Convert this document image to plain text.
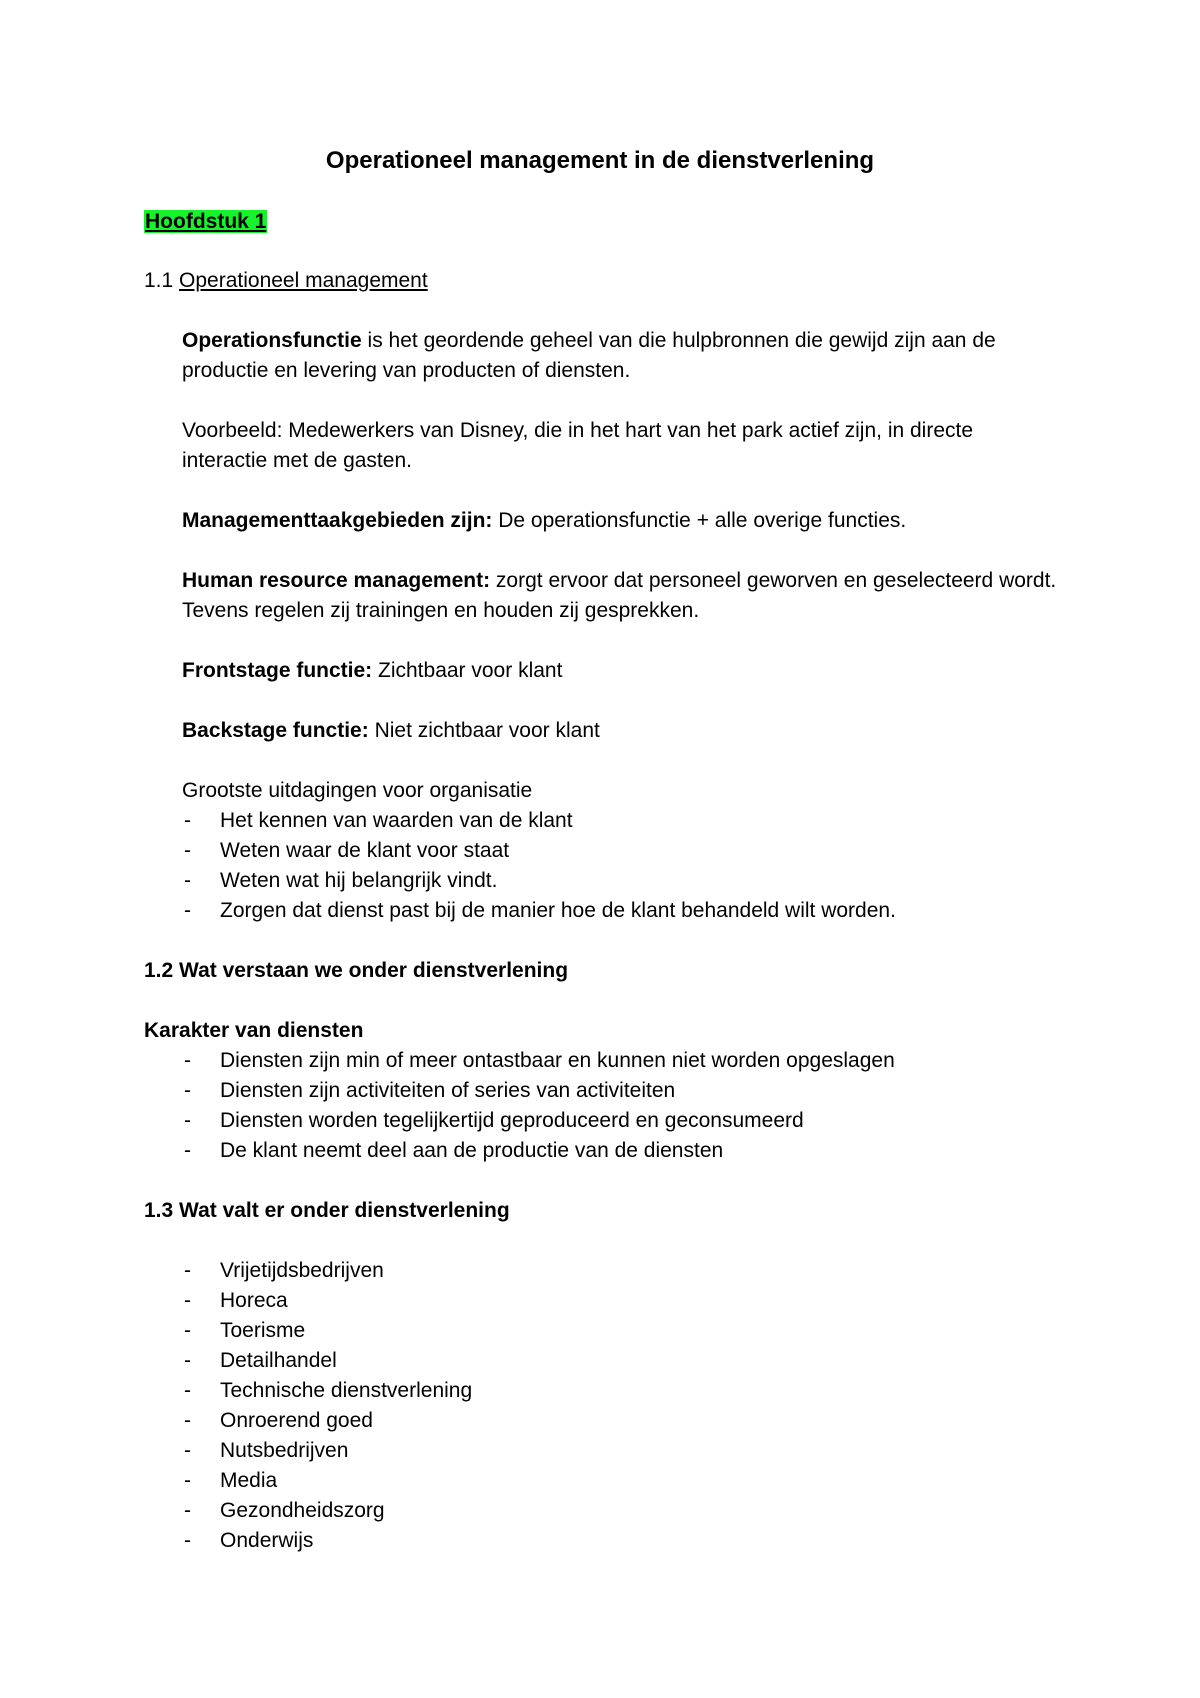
Operationeel management in de dienstverlening

Hoofdstuk 1

1.1 Operationeel management

Operationsfunctie is het geordende geheel van die hulpbronnen die gewijd zijn aan de productie en levering van producten of diensten.

Voorbeeld: Medewerkers van Disney, die in het hart van het park actief zijn, in directe interactie met de gasten.

Managementtaakgebieden zijn: De operationsfunctie + alle overige functies.

Human resource management: zorgt ervoor dat personeel geworven en geselecteerd wordt. Tevens regelen zij trainingen en houden zij gesprekken.

Frontstage functie: Zichtbaar voor klant

Backstage functie: Niet zichtbaar voor klant

Grootste uitdagingen voor organisatie

- Het kennen van waarden van de klant
- Weten waar de klant voor staat
- Weten wat hij belangrijk vindt.
- Zorgen dat dienst past bij de manier hoe de klant behandeld wilt worden.
1.2 Wat verstaan we onder dienstverlening

Karakter van diensten

- Diensten zijn min of meer ontastbaar en kunnen niet worden opgeslagen
- Diensten zijn activiteiten of series van activiteiten
- Diensten worden tegelijkertijd geproduceerd en geconsumeerd
- De klant neemt deel aan de productie van de diensten
1.3 Wat valt er onder dienstverlening
- Vrijetijdsbedrijven
- Horeca
- Toerisme
- Detailhandel
- Technische dienstverlening
- Onroerend goed
- Nutsbedrijven
- Media
- Gezondheidszorg
- Onderwijs
